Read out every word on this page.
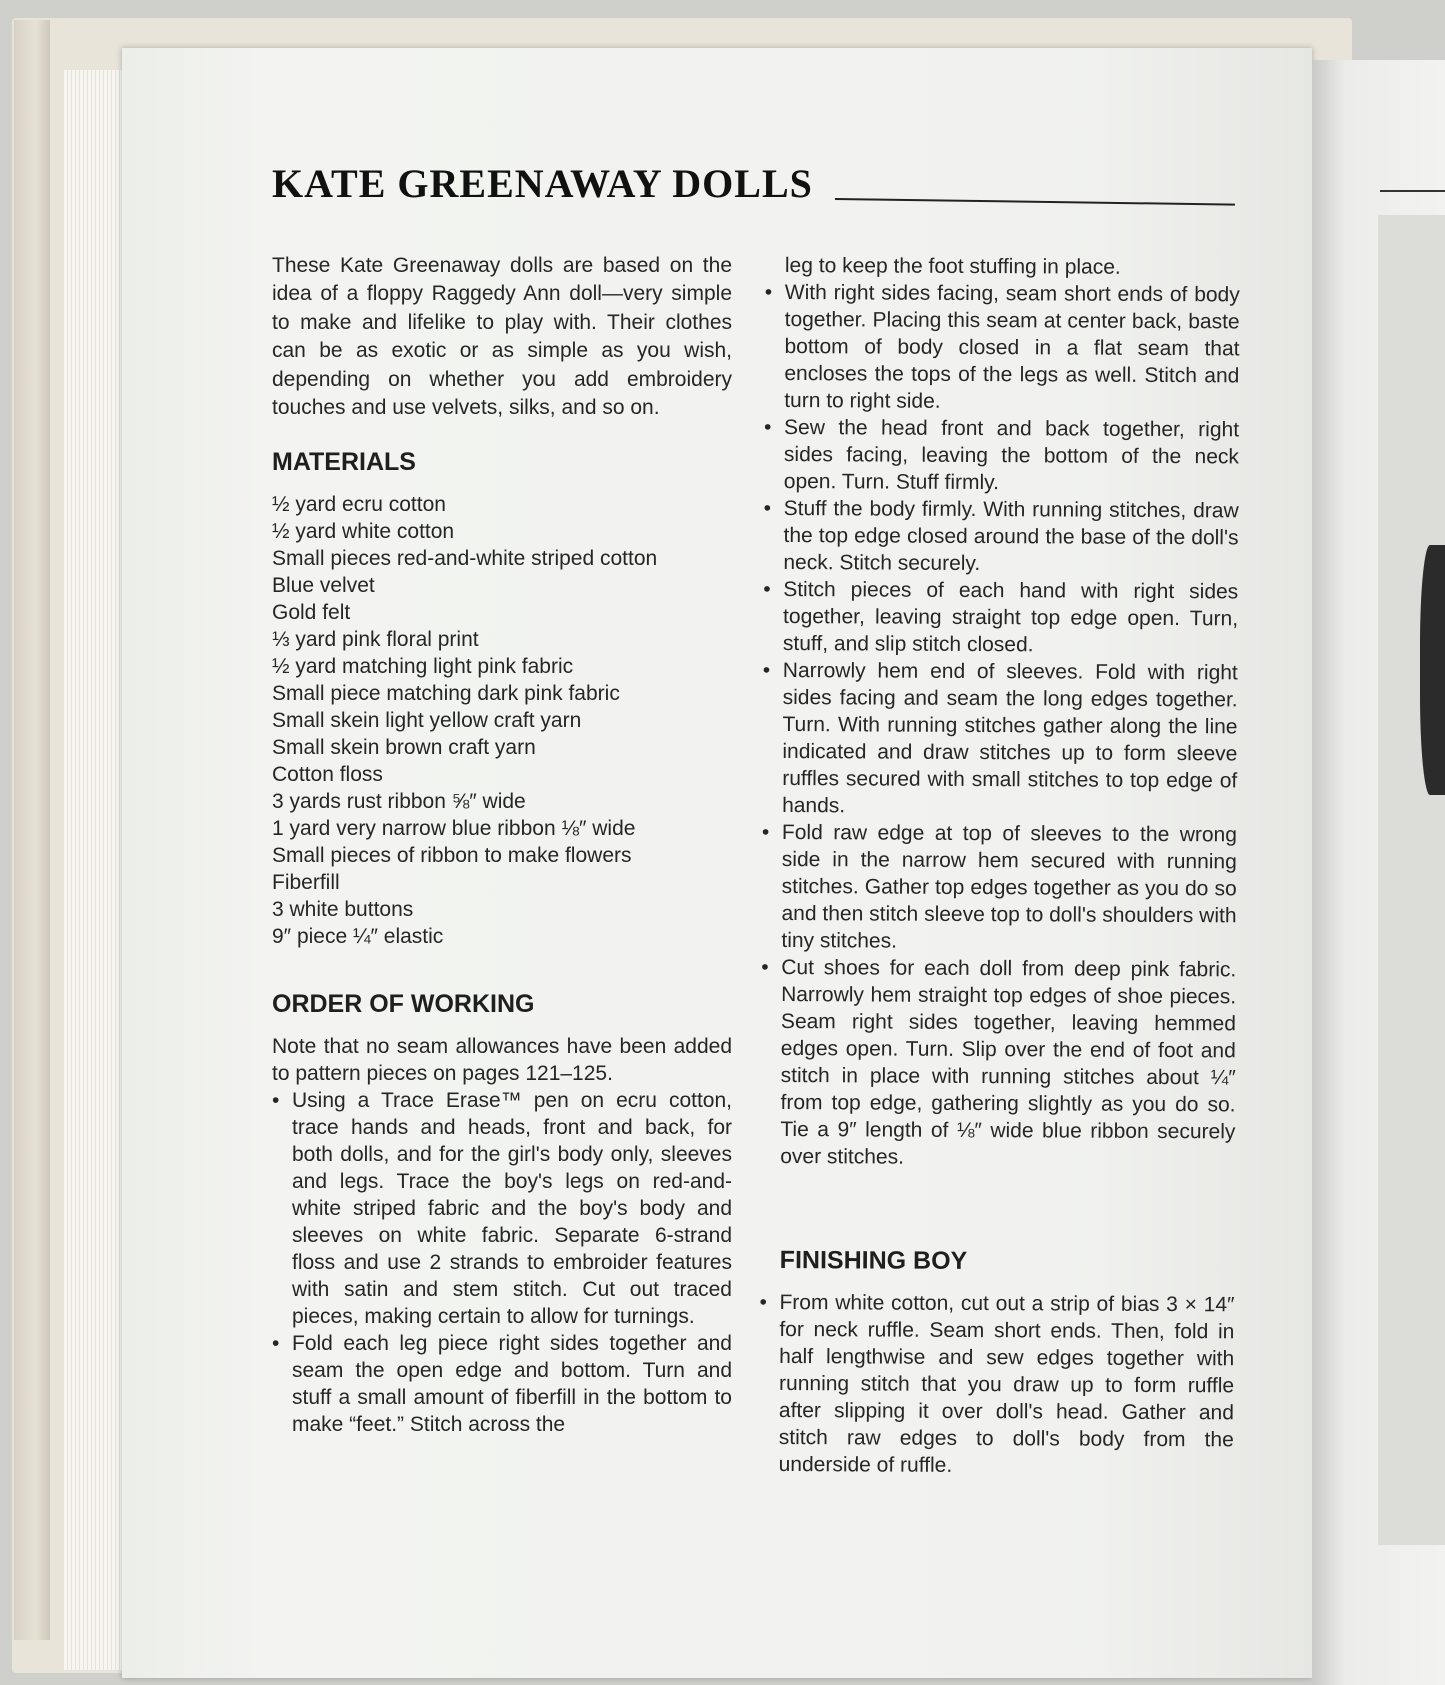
KATE GREENAWAY DOLLS

These Kate Greenaway dolls are based on the idea of a floppy Raggedy Ann doll—very simple to make and lifelike to play with. Their clothes can be as exotic or as simple as you wish, depending on whether you add embroidery touches and use velvets, silks, and so on.

MATERIALS
½ yard ecru cotton
½ yard white cotton
Small pieces red-and-white striped cotton
Blue velvet
Gold felt
⅓ yard pink floral print
½ yard matching light pink fabric
Small piece matching dark pink fabric
Small skein light yellow craft yarn
Small skein brown craft yarn
Cotton floss
3 yards rust ribbon ⅝″ wide
1 yard very narrow blue ribbon ⅛″ wide
Small pieces of ribbon to make flowers
Fiberfill
3 white buttons
9″ piece ¼″ elastic
ORDER OF WORKING

Note that no seam allowances have been added to pattern pieces on pages 121–125.

• Using a Trace Erase™ pen on ecru cotton, trace hands and heads, front and back, for both dolls, and for the girl's body only, sleeves and legs. Trace the boy's legs on red-and-white striped fabric and the boy's body and sleeves on white fabric. Separate 6-strand floss and use 2 strands to embroider features with satin and stem stitch. Cut out traced pieces, making certain to allow for turnings.
• Fold each leg piece right sides together and seam the open edge and bottom. Turn and stuff a small amount of fiberfill in the bottom to make “feet.” Stitch across the

leg to keep the foot stuffing in place.

• With right sides facing, seam short ends of body together. Placing this seam at center back, baste bottom of body closed in a flat seam that encloses the tops of the legs as well. Stitch and turn to right side.
• Sew the head front and back together, right sides facing, leaving the bottom of the neck open. Turn. Stuff firmly.
• Stuff the body firmly. With running stitches, draw the top edge closed around the base of the doll's neck. Stitch securely.
• Stitch pieces of each hand with right sides together, leaving straight top edge open. Turn, stuff, and slip stitch closed.
• Narrowly hem end of sleeves. Fold with right sides facing and seam the long edges together. Turn. With running stitches gather along the line indicated and draw stitches up to form sleeve ruffles secured with small stitches to top edge of hands.
• Fold raw edge at top of sleeves to the wrong side in the narrow hem secured with running stitches. Gather top edges together as you do so and then stitch sleeve top to doll's shoulders with tiny stitches.
• Cut shoes for each doll from deep pink fabric. Narrowly hem straight top edges of shoe pieces. Seam right sides together, leaving hemmed edges open. Turn. Slip over the end of foot and stitch in place with running stitches about ¼″ from top edge, gathering slightly as you do so. Tie a 9″ length of ⅛″ wide blue ribbon securely over stitches.
FINISHING BOY
• From white cotton, cut out a strip of bias 3 × 14″ for neck ruffle. Seam short ends. Then, fold in half lengthwise and sew edges together with running stitch that you draw up to form ruffle after slipping it over doll's head. Gather and stitch raw edges to doll's body from the underside of ruffle.
